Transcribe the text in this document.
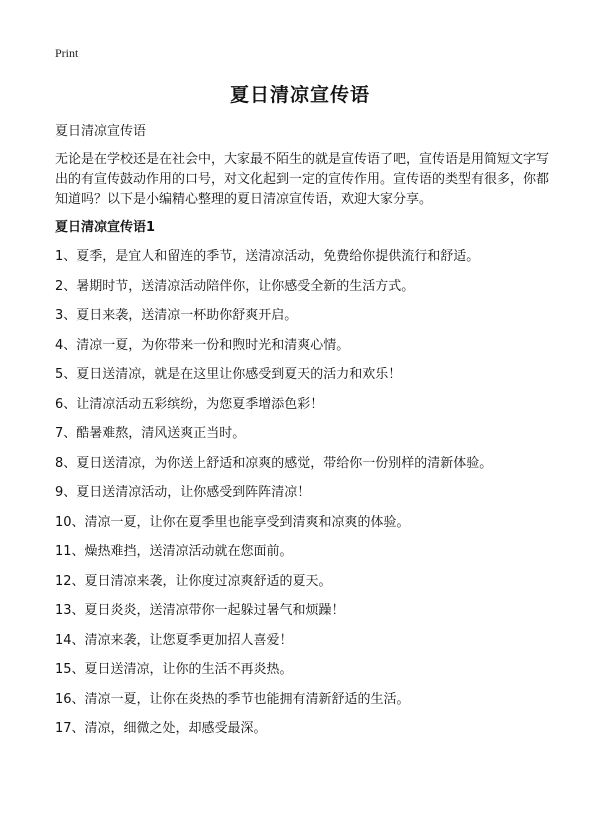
Print
夏日清凉宣传语
夏日清凉宣传语
无论是在学校还是在社会中，大家最不陌生的就是宣传语了吧，宣传语是用简短文字写出的有宣传鼓动作用的口号，对文化起到一定的宣传作用。宣传语的类型有很多，你都知道吗？以下是小编精心整理的夏日清凉宣传语，欢迎大家分享。
夏日清凉宣传语1
1、夏季，是宜人和留连的季节，送清凉活动，免费给你提供流行和舒适。
2、暑期时节，送清凉活动陪伴你，让你感受全新的生活方式。
3、夏日来袭，送清凉一杯助你舒爽开启。
4、清凉一夏，为你带来一份和煦时光和清爽心情。
5、夏日送清凉，就是在这里让你感受到夏天的活力和欢乐！
6、让清凉活动五彩缤纷，为您夏季增添色彩！
7、酷暑难熬，清风送爽正当时。
8、夏日送清凉，为你送上舒适和凉爽的感觉，带给你一份别样的清新体验。
9、夏日送清凉活动，让你感受到阵阵清凉！
10、清凉一夏，让你在夏季里也能享受到清爽和凉爽的体验。
11、燥热难挡，送清凉活动就在您面前。
12、夏日清凉来袭，让你度过凉爽舒适的夏天。
13、夏日炎炎，送清凉带你一起躲过暑气和烦躁！
14、清凉来袭，让您夏季更加招人喜爱！
15、夏日送清凉，让你的生活不再炎热。
16、清凉一夏，让你在炎热的季节也能拥有清新舒适的生活。
17、清凉，细微之处，却感受最深。
